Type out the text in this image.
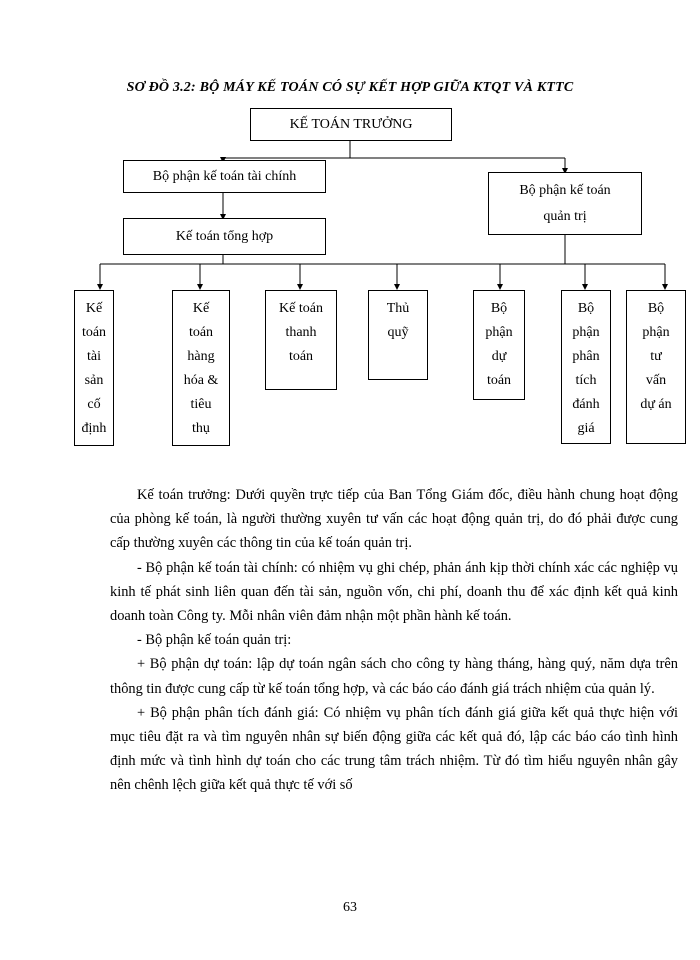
SƠ ĐỒ 3.2: BỘ MÁY KẾ TOÁN CÓ SỰ KẾT HỢP GIỮA KTQT VÀ KTTC
KẾ TOÁN TRƯỞNG
Bộ phận kế toán tài chính
Bộ phận kế toán
quản trị
Kế toán tổng hợp
Kế
toán
tài
sản
cố
định
Kế
toán
hàng
hóa &
tiêu
thụ
Kế toán
thanh
toán
Thủ
quỹ
Bộ
phận
dự
toán
Bộ
phận
phân
tích
đánh
giá
Bộ
phận
tư
vấn
dự án

Kế toán trưởng: Dưới quyền trực tiếp của Ban Tổng Giám đốc, điều hành chung hoạt động của phòng kế toán, là người thường xuyên tư vấn các hoạt động quản trị, do đó phải được cung cấp thường xuyên các thông tin của kế toán quản trị.

- Bộ phận kế toán tài chính: có nhiệm vụ ghi chép, phản ánh kịp thời chính xác các nghiệp vụ kinh tế phát sinh liên quan đến tài sản, nguồn vốn, chi phí, doanh thu để xác định kết quả kinh doanh toàn Công ty. Mỗi nhân viên đảm nhận một phần hành kế toán.

- Bộ phận kế toán quản trị:

+ Bộ phận dự toán: lập dự toán ngân sách cho công ty hàng tháng, hàng quý, năm dựa trên thông tin được cung cấp từ kế toán tổng hợp, và các báo cáo đánh giá trách nhiệm của quản lý.

+ Bộ phận phân tích đánh giá: Có nhiệm vụ phân tích đánh giá giữa kết quả thực hiện với mục tiêu đặt ra và tìm nguyên nhân sự biến động giữa các kết quả đó, lập các báo cáo tình hình định mức và tình hình dự toán cho các trung tâm trách nhiệm. Từ đó tìm hiểu nguyên nhân gây nên chênh lệch giữa kết quả thực tế với số

63
